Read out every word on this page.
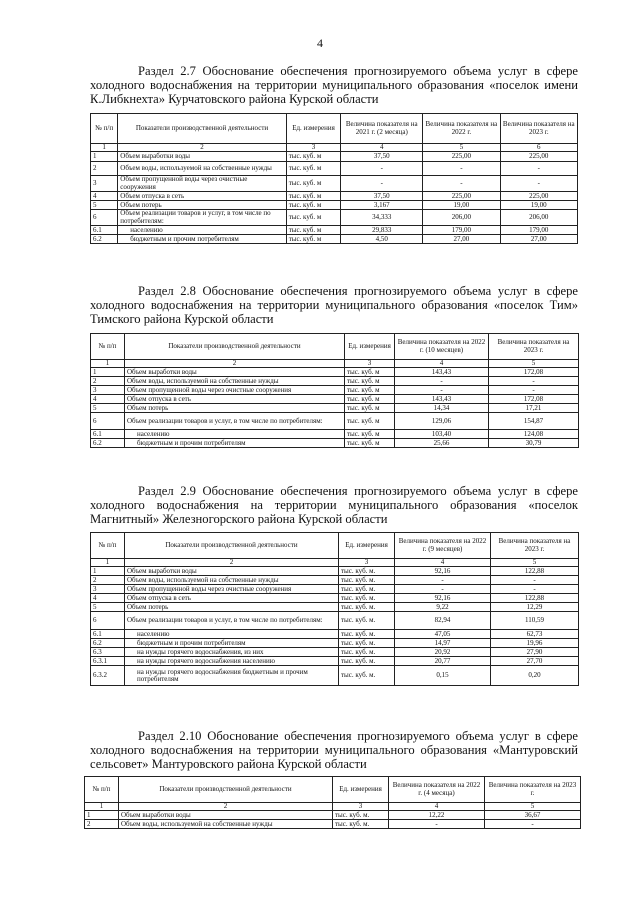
4
Раздел 2.7 Обоснование обеспечения прогнозируемого объема услуг в сфере холодного водоснабжения на территории муниципального образования «поселок имени К.Либкнехта» Курчатовского района Курской области
№ п/п	Показатели производственной деятельности	Ед. измерения	Величина показателя на 2021 г. (2 месяца)	Величина показателя на 2022 г.	Величина показателя на 2023 г.
1	2	3	4	5	6
1	Объем выработки воды	тыс. куб. м	37,50	225,00	225,00
2	Объем воды, используемой на собственные нужды	тыс. куб. м	-	-	-
3	Объем пропущенной воды через очистные сооружения	тыс. куб. м	-	-	-
4	Объем отпуска в сеть	тыс. куб. м	37,50	225,00	225,00
5	Объем потерь	тыс. куб. м	3,167	19,00	19,00
6	Объем реализации товаров и услуг, в том числе по потребителям:	тыс. куб. м	34,333	206,00	206,00
6.1	населению	тыс. куб. м	29,833	179,00	179,00
6.2	бюджетным и прочим потребителям	тыс. куб. м	4,50	27,00	27,00
Раздел 2.8 Обоснование обеспечения прогнозируемого объема услуг в сфере холодного водоснабжения на территории муниципального образования «поселок Тим» Тимского района Курской области
№ п/п	Показатели производственной деятельности	Ед. измерения	Величина показателя на 2022 г. (10 месяцев)	Величина показателя на 2023 г.
1	2	3	4	5
1	Объем выработки воды	тыс. куб. м	143,43	172,08
2	Объем воды, используемой на собственные нужды	тыс. куб. м	-	-
3	Объем пропущенной воды через очистные сооружения	тыс. куб. м	-	-
4	Объем отпуска в сеть	тыс. куб. м	143,43	172,08
5	Объем потерь	тыс. куб. м	14,34	17,21
6	Объем реализации товаров и услуг, в том числе по потребителям:	тыс. куб. м	129,06	154,87
6.1	населению	тыс. куб. м	103,40	124,08
6.2	бюджетным и прочим потребителям	тыс. куб. м	25,66	30,79
Раздел 2.9 Обоснование обеспечения прогнозируемого объема услуг в сфере холодного водоснабжения на территории муниципального образования «поселок Магнитный» Железногорского района Курской области
№ п/п	Показатели производственной деятельности	Ед. измерения	Величина показателя на 2022 г. (9 месяцев)	Величина показателя на 2023 г.
1	2	3	4	5
1	Объем выработки воды	тыс. куб. м.	92,16	122,88
2	Объем воды, используемой на собственные нужды	тыс. куб. м.	-	-
3	Объем пропущенной воды через очистные сооружения	тыс. куб. м.	-	-
4	Объем отпуска в сеть	тыс. куб. м.	92,16	122,88
5	Объем потерь	тыс. куб. м.	9,22	12,29
6	Объем реализации товаров и услуг, в том числе по потребителям:	тыс. куб. м.	82,94	110,59
6.1	населению	тыс. куб. м.	47,05	62,73
6.2	бюджетным и прочим потребителям	тыс. куб. м.	14,97	19,96
6.3	на нужды горячего водоснабжения, из них	тыс. куб. м.	20,92	27,90
6.3.1	на нужды горячего водоснабжения населению	тыс. куб. м.	20,77	27,70
6.3.2	на нужды горячего водоснабжения бюджетным и прочим потребителям	тыс. куб. м.	0,15	0,20
Раздел 2.10 Обоснование обеспечения прогнозируемого объема услуг в сфере холодного водоснабжения на территории муниципального образования «Мантуровский сельсовет» Мантуровского района Курской области
№ п/п	Показатели производственной деятельности	Ед. измерения	Величина показателя на 2022 г. (4 месяца)	Величина показателя на 2023 г.
1	2	3	4	5
1	Объем выработки воды	тыс. куб. м.	12,22	36,67
2	Объем воды, используемой на собственные нужды	тыс. куб. м.	-	-
